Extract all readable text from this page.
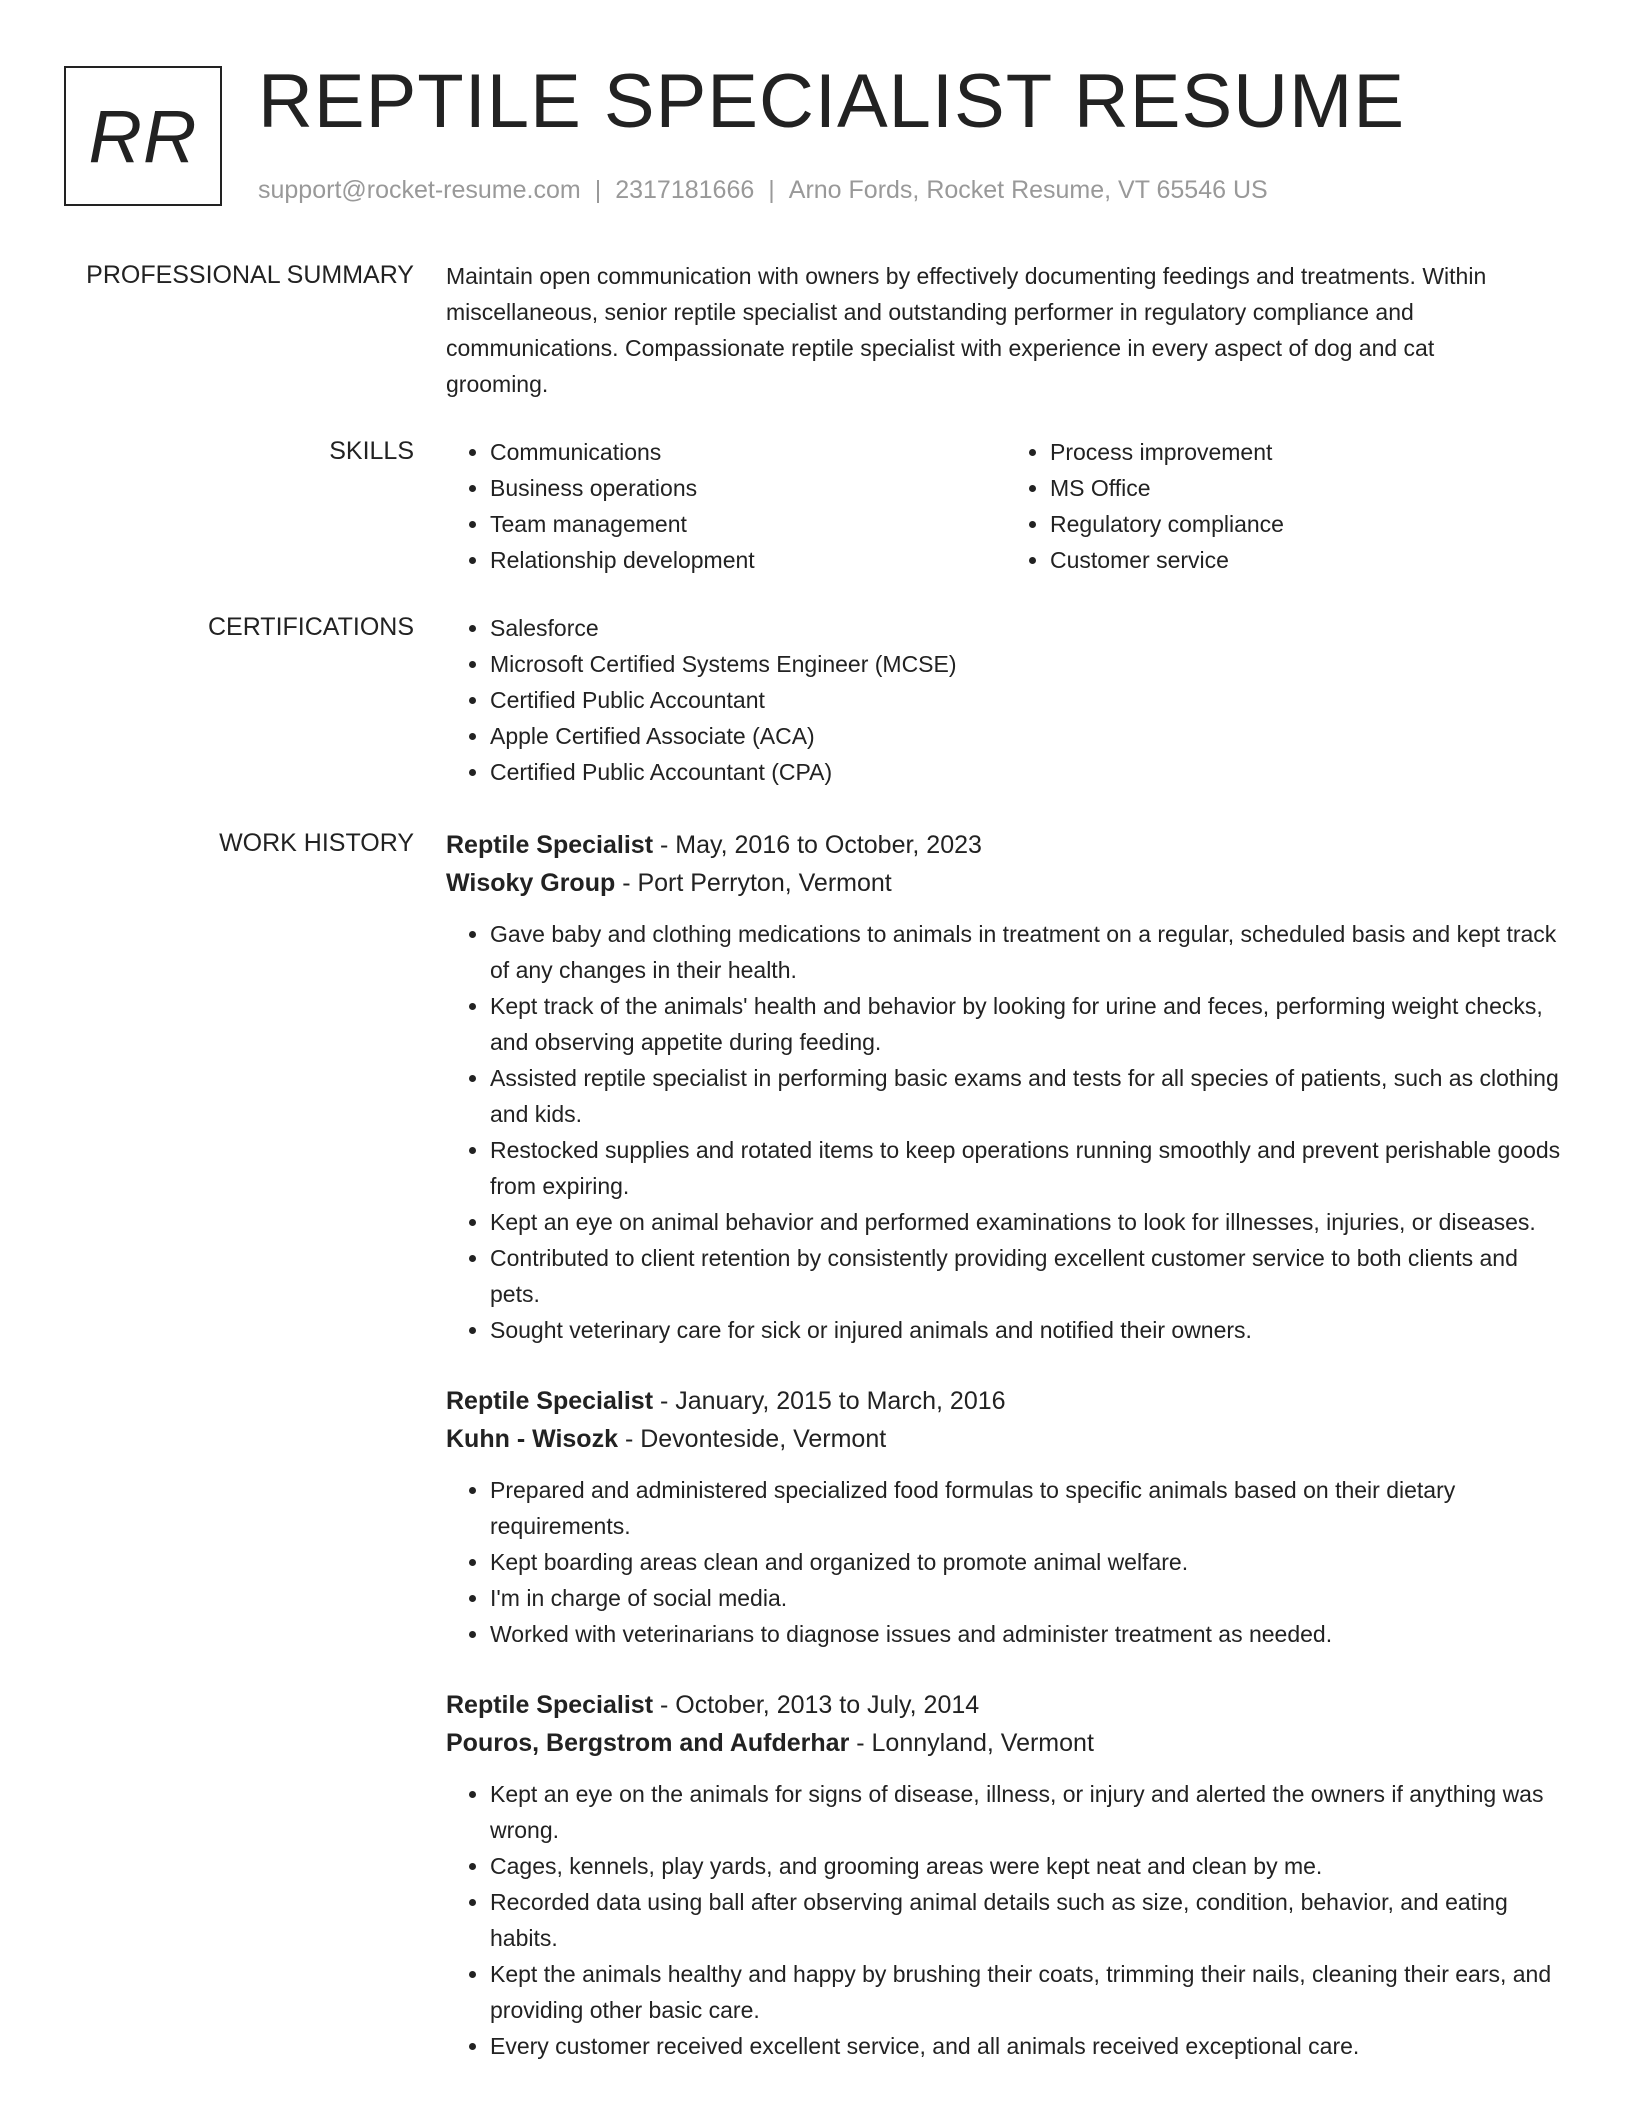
RR REPTILE SPECIALIST RESUME
support@rocket-resume.com | 2317181666 | Arno Fords, Rocket Resume, VT 65546 US
PROFESSIONAL SUMMARY Maintain open communication with owners by effectively documenting feedings and treatments. Within miscellaneous, senior reptile specialist and outstanding performer in regulatory compliance and communications. Compassionate reptile specialist with experience in every aspect of dog and cat grooming.

SKILLS	• Communications
• Business operations
• Team management
• Relationship development
• Process improvement
• MS Office
• Regulatory compliance
• Customer service
CERTIFICATIONS	• Salesforce
• Microsoft Certified Systems Engineer (MCSE)
• Certified Public Accountant
• Apple Certified Associate (ACA)
• Certified Public Accountant (CPA)
WORK HISTORY Reptile Specialist - May, 2016 to October, 2023
Wisoky Group - Port Perryton, Vermont
• Gave baby and clothing medications to animals in treatment on a regular, scheduled basis and kept track of any changes in their health.
• Kept track of the animals' health and behavior by looking for urine and feces, performing weight checks, and observing appetite during feeding.
• Assisted reptile specialist in performing basic exams and tests for all species of patients, such as clothing and kids.
• Restocked supplies and rotated items to keep operations running smoothly and prevent perishable goods from expiring.
• Kept an eye on animal behavior and performed examinations to look for illnesses, injuries, or diseases.
• Contributed to client retention by consistently providing excellent customer service to both clients and pets.
• Sought veterinary care for sick or injured animals and notified their owners.
Reptile Specialist - January, 2015 to March, 2016
Kuhn - Wisozk - Devonteside, Vermont
• Prepared and administered specialized food formulas to specific animals based on their dietary requirements.
• Kept boarding areas clean and organized to promote animal welfare.
• I'm in charge of social media.
• Worked with veterinarians to diagnose issues and administer treatment as needed.
Reptile Specialist - October, 2013 to July, 2014
Pouros, Bergstrom and Aufderhar - Lonnyland, Vermont
• Kept an eye on the animals for signs of disease, illness, or injury and alerted the owners if anything was wrong.
• Cages, kennels, play yards, and grooming areas were kept neat and clean by me.
• Recorded data using ball after observing animal details such as size, condition, behavior, and eating habits.
• Kept the animals healthy and happy by brushing their coats, trimming their nails, cleaning their ears, and providing other basic care.
• Every customer received excellent service, and all animals received exceptional care.
